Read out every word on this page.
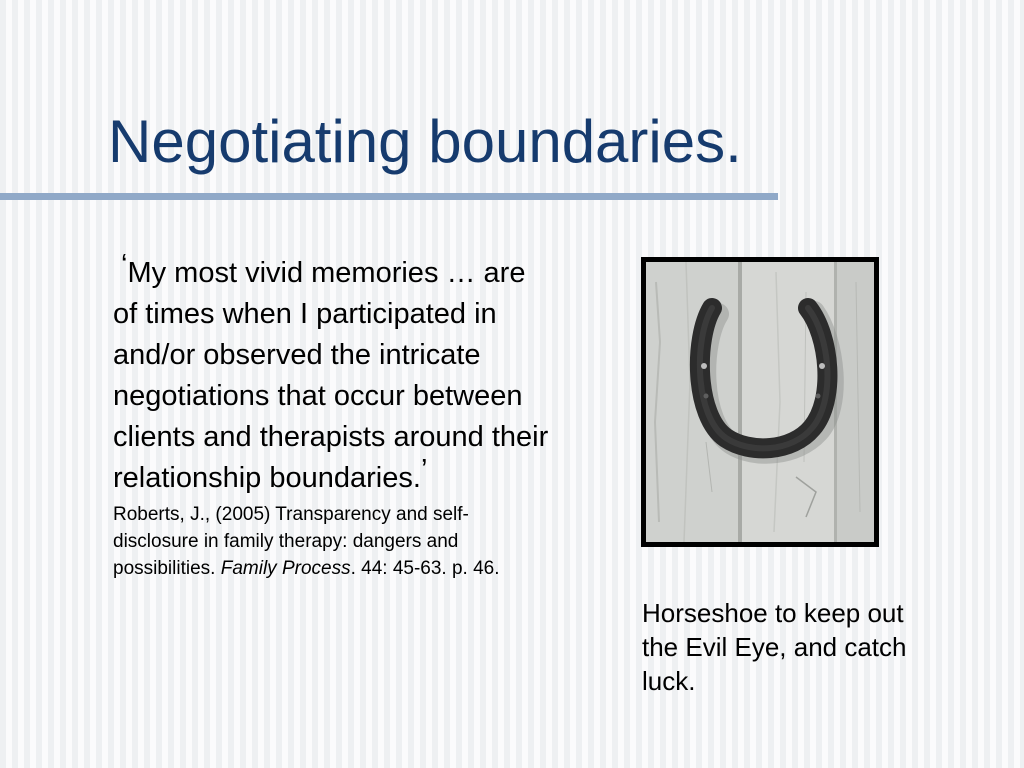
Negotiating boundaries.

‘My most vivid memories … are of times when I participated in and/or observed the intricate negotiations that occur between clients and therapists around their relationship boundaries.’

Roberts, J., (2005) Transparency and self-disclosure in family therapy: dangers and possibilities. Family Process. 44: 45-63. p. 46.

Horseshoe to keep out the Evil Eye, and catch luck.
